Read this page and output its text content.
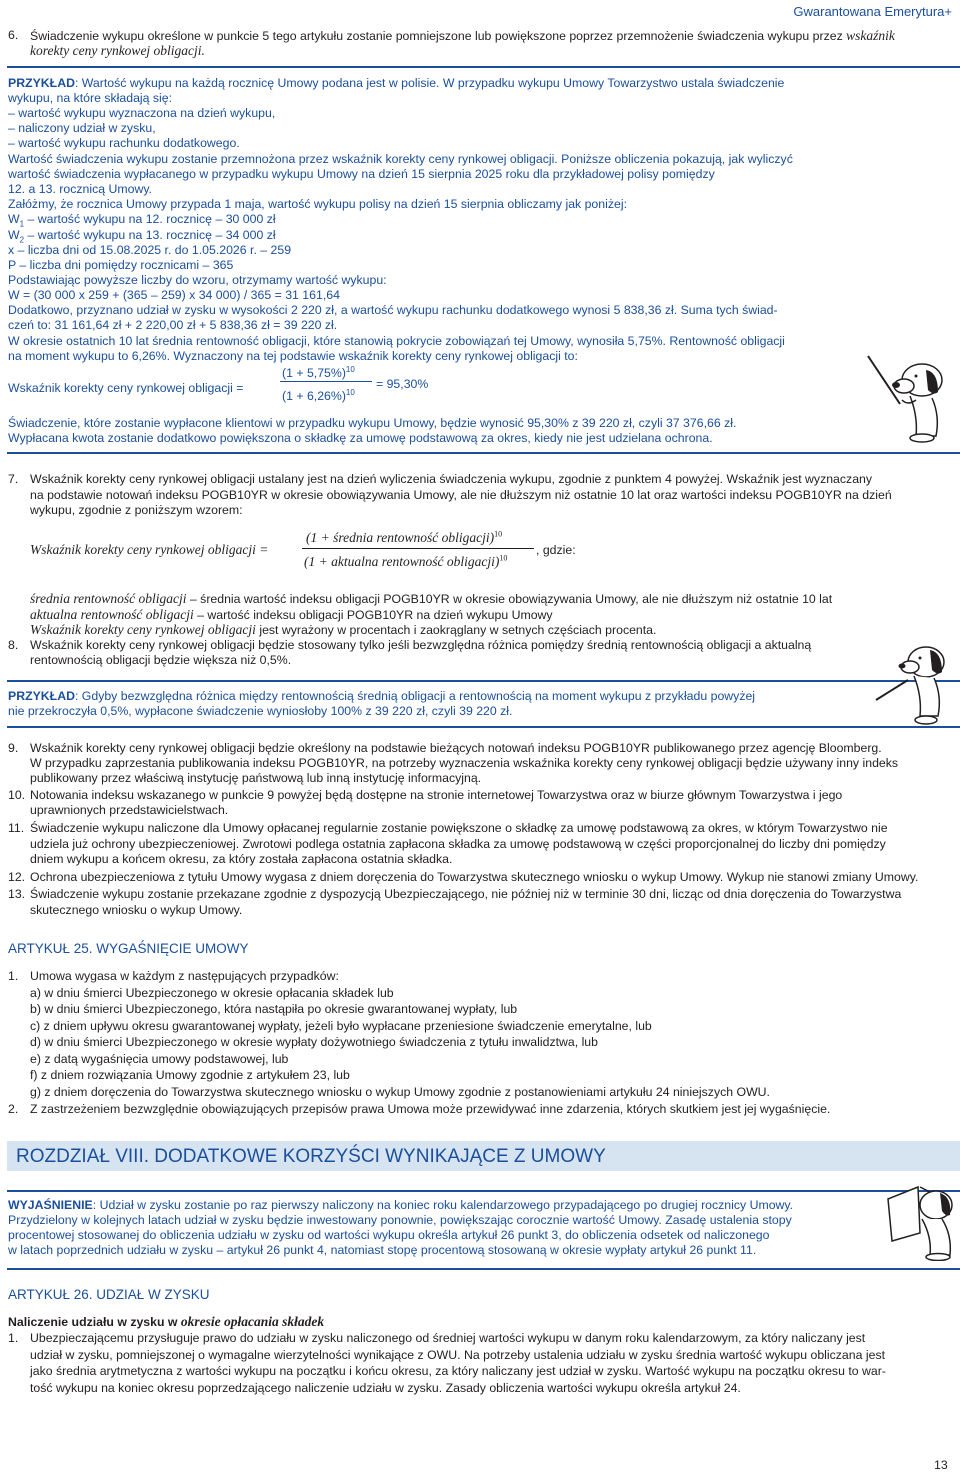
Gwarantowana Emerytura+
6. Świadczenie wykupu określone w punkcie 5 tego artykułu zostanie pomniejszone lub powiększone poprzez przemnożenie świadczenia wykupu przez wskaźnik
korekty ceny rynkowej obligacji.
PRZYKŁAD: Wartość wykupu na każdą rocznicę Umowy podana jest w polisie. W przypadku wykupu Umowy Towarzystwo ustala świadczenie
wykupu, na które składają się:
– wartość wykupu wyznaczona na dzień wykupu,
– naliczony udział w zysku,
– wartość wykupu rachunku dodatkowego.
Wartość świadczenia wykupu zostanie przemnożona przez wskaźnik korekty ceny rynkowej obligacji. Poniższe obliczenia pokazują, jak wyliczyć
wartość świadczenia wypłacanego w przypadku wykupu Umowy na dzień 15 sierpnia 2025 roku dla przykładowej polisy pomiędzy
12. a 13. rocznicą Umowy.
Załóżmy, że rocznica Umowy przypada 1 maja, wartość wykupu polisy na dzień 15 sierpnia obliczamy jak poniżej:
$W_1$ – wartość wykupu na 12. rocznicę – 30 000 zł
$W_2$ – wartość wykupu na 13. rocznicę – 34 000 zł
x – liczba dni od 15.08.2025 r. do 1.05.2026 r. – 259
P – liczba dni pomiędzy rocznicami – 365
Podstawiając powyższe liczby do wzoru, otrzymamy wartość wykupu:
W = (30 000 x 259 + (365 – 259) x 34 000) / 365 = 31 161,64
Dodatkowo, przyznano udział w zysku w wysokości 2 220 zł, a wartość wykupu rachunku dodatkowego wynosi 5 838,36 zł. Suma tych świad-
czeń to: 31 161,64 zł + 2 220,00 zł + 5 838,36 zł = 39 220 zł.
W okresie ostatnich 10 lat średnia rentowność obligacji, które stanowią pokrycie zobowiązań tej Umowy, wynosiła 5,75%. Rentowność obligacji
na moment wykupu to 6,26%. Wyznaczony na tej podstawie wskaźnik korekty ceny rynkowej obligacji to:
Wskaźnik korekty ceny rynkowej obligacji =
$(1 + 5,75\%)^{10}$
$(1 + 6,26\%)^{10}$
= 95,30%
Świadczenie, które zostanie wypłacone klientowi w przypadku wykupu Umowy, będzie wynosić 95,30% z 39 220 zł, czyli 37 376,66 zł.
Wypłacana kwota zostanie dodatkowo powiększona o składkę za umowę podstawową za okres, kiedy nie jest udzielana ochrona.
7. Wskaźnik korekty ceny rynkowej obligacji ustalany jest na dzień wyliczenia świadczenia wykupu, zgodnie z punktem 4 powyżej. Wskaźnik jest wyznaczany
na podstawie notowań indeksu POGB10YR w okresie obowiązywania Umowy, ale nie dłuższym niż ostatnie 10 lat oraz wartości indeksu POGB10YR na dzień
wykupu, zgodnie z poniższym wzorem:
Wskaźnik korekty ceny rynkowej obligacji =
(1 + średnia rentowność obligacji)$^{10}$
(1 + aktualna rentowność obligacji)$^{10}$
, gdzie:
średnia rentowność obligacji – średnia wartość indeksu obligacji POGB10YR w okresie obowiązywania Umowy, ale nie dłuższym niż ostatnie 10 lat
aktualna rentowność obligacji – wartość indeksu obligacji POGB10YR na dzień wykupu Umowy
Wskaźnik korekty ceny rynkowej obligacji jest wyrażony w procentach i zaokrąglany w setnych częściach procenta.
8. Wskaźnik korekty ceny rynkowej obligacji będzie stosowany tylko jeśli bezwzględna różnica pomiędzy średnią rentownością obligacji a aktualną
rentownością obligacji będzie większa niż 0,5%.
PRZYKŁAD: Gdyby bezwzględna różnica między rentownością średnią obligacji a rentownością na moment wykupu z przykładu powyżej
nie przekroczyła 0,5%, wypłacone świadczenie wyniosłoby 100% z 39 220 zł, czyli 39 220 zł.
9. Wskaźnik korekty ceny rynkowej obligacji będzie określony na podstawie bieżących notowań indeksu POGB10YR publikowanego przez agencję Bloomberg.
W przypadku zaprzestania publikowania indeksu POGB10YR, na potrzeby wyznaczenia wskaźnika korekty ceny rynkowej obligacji będzie używany inny indeks
publikowany przez właściwą instytucję państwową lub inną instytucję informacyjną.
10. Notowania indeksu wskazanego w punkcie 9 powyżej będą dostępne na stronie internetowej Towarzystwa oraz w biurze głównym Towarzystwa i jego
uprawnionych przedstawicielstwach.
11. Świadczenie wykupu naliczone dla Umowy opłacanej regularnie zostanie powiększone o składkę za umowę podstawową za okres, w którym Towarzystwo nie
udziela już ochrony ubezpieczeniowej. Zwrotowi podlega ostatnia zapłacona składka za umowę podstawową w części proporcjonalnej do liczby dni pomiędzy
dniem wykupu a końcem okresu, za który została zapłacona ostatnia składka.
12. Ochrona ubezpieczeniowa z tytułu Umowy wygasa z dniem doręczenia do Towarzystwa skutecznego wniosku o wykup Umowy. Wykup nie stanowi zmiany Umowy.
13. Świadczenie wykupu zostanie przekazane zgodnie z dyspozycją Ubezpieczającego, nie później niż w terminie 30 dni, licząc od dnia doręczenia do Towarzystwa
skutecznego wniosku o wykup Umowy.
ARTYKUŁ 25. WYGAŚNIĘCIE UMOWY
1. Umowa wygasa w każdym z następujących przypadków:
a) w dniu śmierci Ubezpieczonego w okresie opłacania składek lub
b) w dniu śmierci Ubezpieczonego, która nastąpiła po okresie gwarantowanej wypłaty, lub
c) z dniem upływu okresu gwarantowanej wypłaty, jeżeli było wypłacane przeniesione świadczenie emerytalne, lub
d) w dniu śmierci Ubezpieczonego w okresie wypłaty dożywotniego świadczenia z tytułu inwalidztwa, lub
e) z datą wygaśnięcia umowy podstawowej, lub
f) z dniem rozwiązania Umowy zgodnie z artykułem 23, lub
g) z dniem doręczenia do Towarzystwa skutecznego wniosku o wykup Umowy zgodnie z postanowieniami artykułu 24 niniejszych OWU.
2. Z zastrzeżeniem bezwzględnie obowiązujących przepisów prawa Umowa może przewidywać inne zdarzenia, których skutkiem jest jej wygaśnięcie.
ROZDZIAŁ VIII. DODATKOWE KORZYŚCI WYNIKAJĄCE Z UMOWY
WYJAŚNIENIE: Udział w zysku zostanie po raz pierwszy naliczony na koniec roku kalendarzowego przypadającego po drugiej rocznicy Umowy.
Przydzielony w kolejnych latach udział w zysku będzie inwestowany ponownie, powiększając corocznie wartość Umowy. Zasadę ustalenia stopy
procentowej stosowanej do obliczenia udziału w zysku od wartości wykupu określa artykuł 26 punkt 3, do obliczenia odsetek od naliczonego
w latach poprzednich udziału w zysku – artykuł 26 punkt 4, natomiast stopę procentową stosowaną w okresie wypłaty artykuł 26 punkt 11.
ARTYKUŁ 26. UDZIAŁ W ZYSKU
Naliczenie udziału w zysku w okresie opłacania składek
1. Ubezpieczającemu przysługuje prawo do udziału w zysku naliczonego od średniej wartości wykupu w danym roku kalendarzowym, za który naliczany jest
udział w zysku, pomniejszonej o wymagalne wierzytelności wynikające z OWU. Na potrzeby ustalenia udziału w zysku średnia wartość wykupu obliczana jest
jako średnia arytmetyczna z wartości wykupu na początku i końcu okresu, za który naliczany jest udział w zysku. Wartość wykupu na początku okresu to war-
tość wykupu na koniec okresu poprzedzającego naliczenie udziału w zysku. Zasady obliczenia wartości wykupu określa artykuł 24.
13
